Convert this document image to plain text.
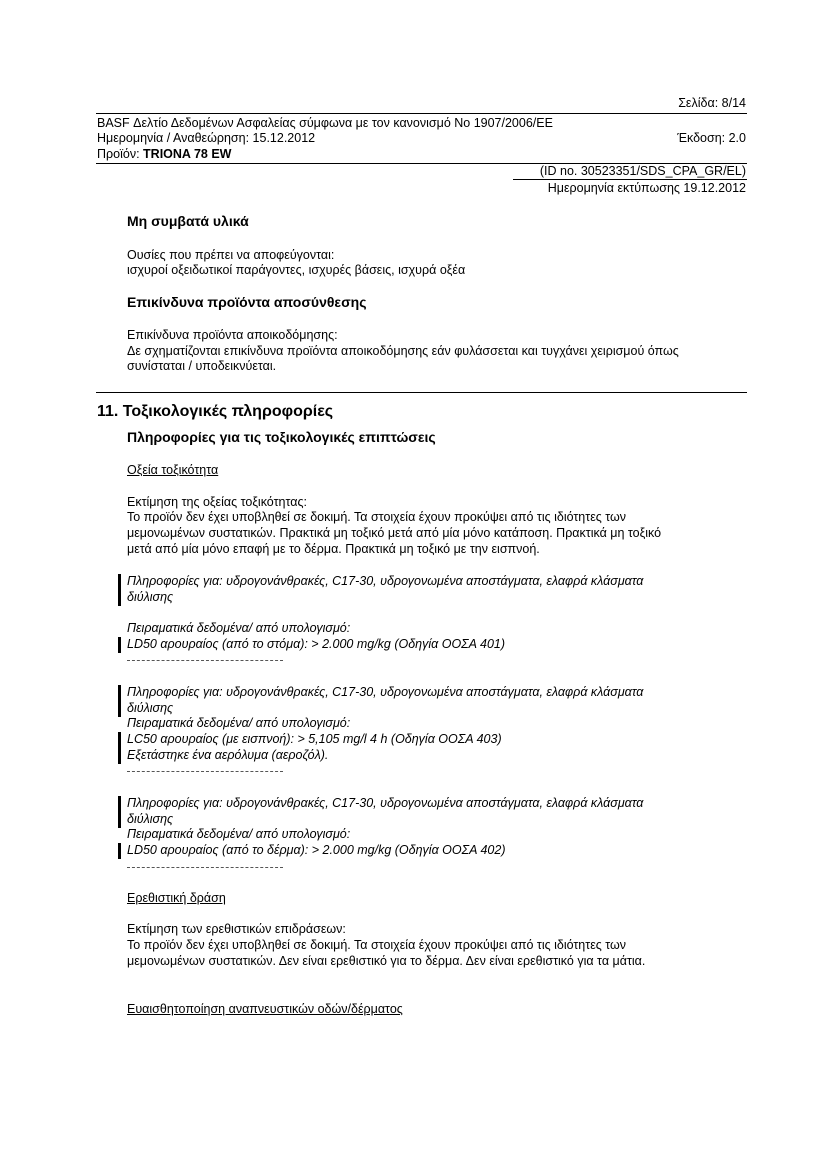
Σελίδα: 8/14
BASF Δελτίο Δεδομένων Ασφαλείας σύμφωνα με τον κανονισμό Νο 1907/2006/ΕΕ
Ημερομηνία / Αναθεώρηση: 15.12.2012	Έκδοση: 2.0
Προϊόν: TRIONA 78 EW
(ID no. 30523351/SDS_CPA_GR/EL)
Ημερομηνία εκτύπωσης 19.12.2012
Μη συμβατά υλικά
Ουσίες που πρέπει να αποφεύγονται:
ισχυροί οξειδωτικοί παράγοντες, ισχυρές βάσεις, ισχυρά οξέα
Επικίνδυνα προϊόντα αποσύνθεσης
Επικίνδυνα προϊόντα αποικοδόμησης:
Δε σχηματίζονται επικίνδυνα προϊόντα αποικοδόμησης εάν φυλάσσεται και τυγχάνει χειρισμού όπως
συνίσταται / υποδεικνύεται.
11. Τοξικολογικές πληροφορίες
Πληροφορίες για τις τοξικολογικές επιπτώσεις
Οξεία τοξικότητα
Εκτίμηση της οξείας τοξικότητας:
Το προϊόν δεν έχει υποβληθεί σε δοκιμή. Τα στοιχεία έχουν προκύψει από τις ιδιότητες των
μεμονωμένων συστατικών. Πρακτικά μη τοξικό μετά από μία μόνο κατάποση. Πρακτικά μη τοξικό
μετά από μία μόνο επαφή με το δέρμα. Πρακτικά μη τοξικό με την εισπνοή.
Πληροφορίες για: υδρογονάνθρακές, C17-30, υδρογονωμένα αποστάγματα, ελαφρά κλάσματα
διύλισης
Πειραματικά δεδομένα/ από υπολογισμό:
LD50 αρουραίος (από το στόμα): > 2.000 mg/kg (Οδηγία ΟΟΣΑ 401)
Πληροφορίες για: υδρογονάνθρακές, C17-30, υδρογονωμένα αποστάγματα, ελαφρά κλάσματα
διύλισης
Πειραματικά δεδομένα/ από υπολογισμό:
LC50 αρουραίος (με εισπνοή): > 5,105 mg/l 4 h (Οδηγία ΟΟΣΑ 403)
Εξετάστηκε ένα αερόλυμα (αεροζόλ).
Πληροφορίες για: υδρογονάνθρακές, C17-30, υδρογονωμένα αποστάγματα, ελαφρά κλάσματα
διύλισης
Πειραματικά δεδομένα/ από υπολογισμό:
LD50 αρουραίος (από το δέρμα): > 2.000 mg/kg (Οδηγία ΟΟΣΑ 402)
Ερεθιστική δράση
Εκτίμηση των ερεθιστικών επιδράσεων:
Το προϊόν δεν έχει υποβληθεί σε δοκιμή. Τα στοιχεία έχουν προκύψει από τις ιδιότητες των
μεμονωμένων συστατικών. Δεν είναι ερεθιστικό για το δέρμα. Δεν είναι ερεθιστικό για τα μάτια.
Ευαισθητοποίηση αναπνευστικών οδών/δέρματος
